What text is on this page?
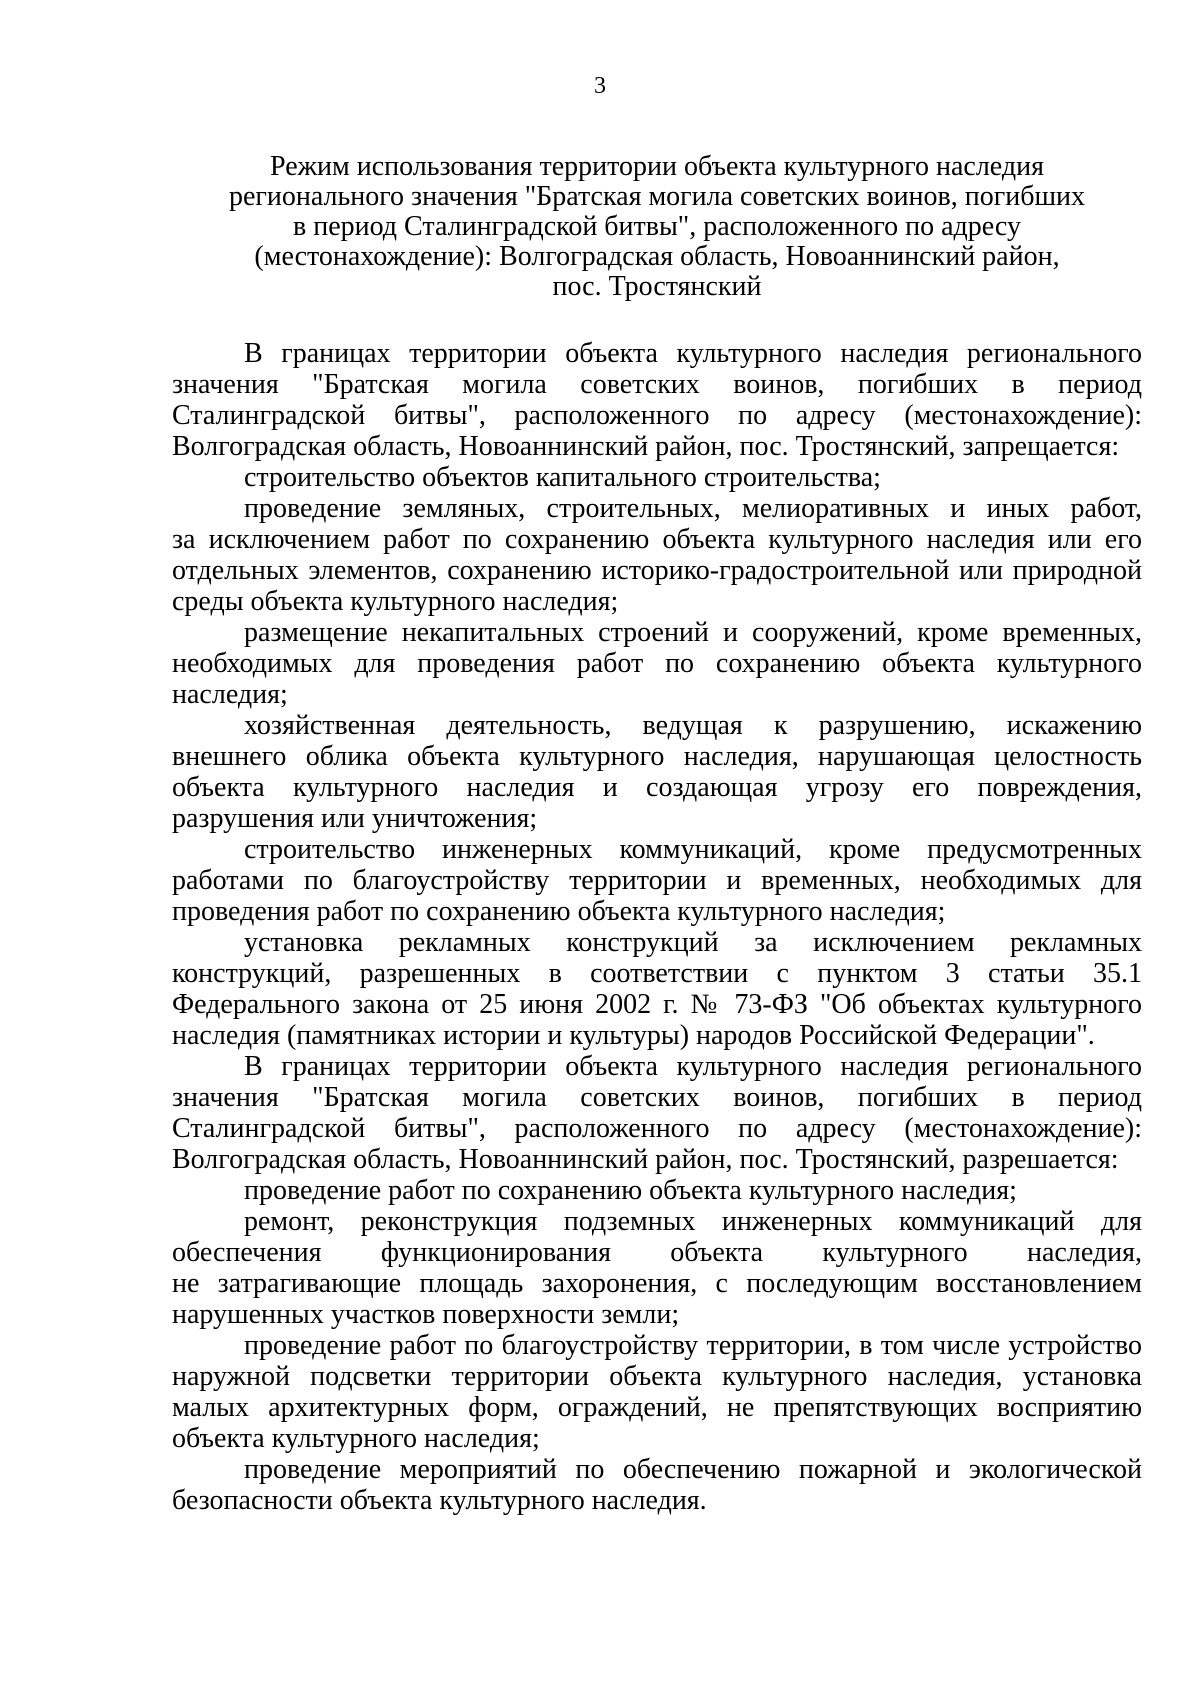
3
Режим использования территории объекта культурного наследия
регионального значения "Братская могила советских воинов, погибших
в период Сталинградской битвы", расположенного по адресу
(местонахождение): Волгоградская область, Новоаннинский район,
пос. Тростянский
В границах территории объекта культурного наследия регионального
значения "Братская могила советских воинов, погибших в период
Сталинградской битвы", расположенного по адресу (местонахождение):
Волгоградская область, Новоаннинский район, пос. Тростянский, запрещается:
строительство объектов капитального строительства;
проведение земляных, строительных, мелиоративных и иных работ,
за исключением работ по сохранению объекта культурного наследия или его
отдельных элементов, сохранению историко-градостроительной или природной
среды объекта культурного наследия;
размещение некапитальных строений и сооружений, кроме временных,
необходимых для проведения работ по сохранению объекта культурного
наследия;
хозяйственная деятельность, ведущая к разрушению, искажению
внешнего облика объекта культурного наследия, нарушающая целостность
объекта культурного наследия и создающая угрозу его повреждения,
разрушения или уничтожения;
строительство инженерных коммуникаций, кроме предусмотренных
работами по благоустройству территории и временных, необходимых для
проведения работ по сохранению объекта культурного наследия;
установка рекламных конструкций за исключением рекламных
конструкций, разрешенных в соответствии с пунктом 3 статьи 35.1
Федерального закона от 25 июня 2002 г. № 73-ФЗ "Об объектах культурного
наследия (памятниках истории и культуры) народов Российской Федерации".
В границах территории объекта культурного наследия регионального
значения "Братская могила советских воинов, погибших в период
Сталинградской битвы", расположенного по адресу (местонахождение):
Волгоградская область, Новоаннинский район, пос. Тростянский, разрешается:
проведение работ по сохранению объекта культурного наследия;
ремонт, реконструкция подземных инженерных коммуникаций для
обеспечения функционирования объекта культурного наследия,
не затрагивающие площадь захоронения, с последующим восстановлением
нарушенных участков поверхности земли;
проведение работ по благоустройству территории, в том числе устройство
наружной подсветки территории объекта культурного наследия, установка
малых архитектурных форм, ограждений, не препятствующих восприятию
объекта культурного наследия;
проведение мероприятий по обеспечению пожарной и экологической
безопасности объекта культурного наследия.
